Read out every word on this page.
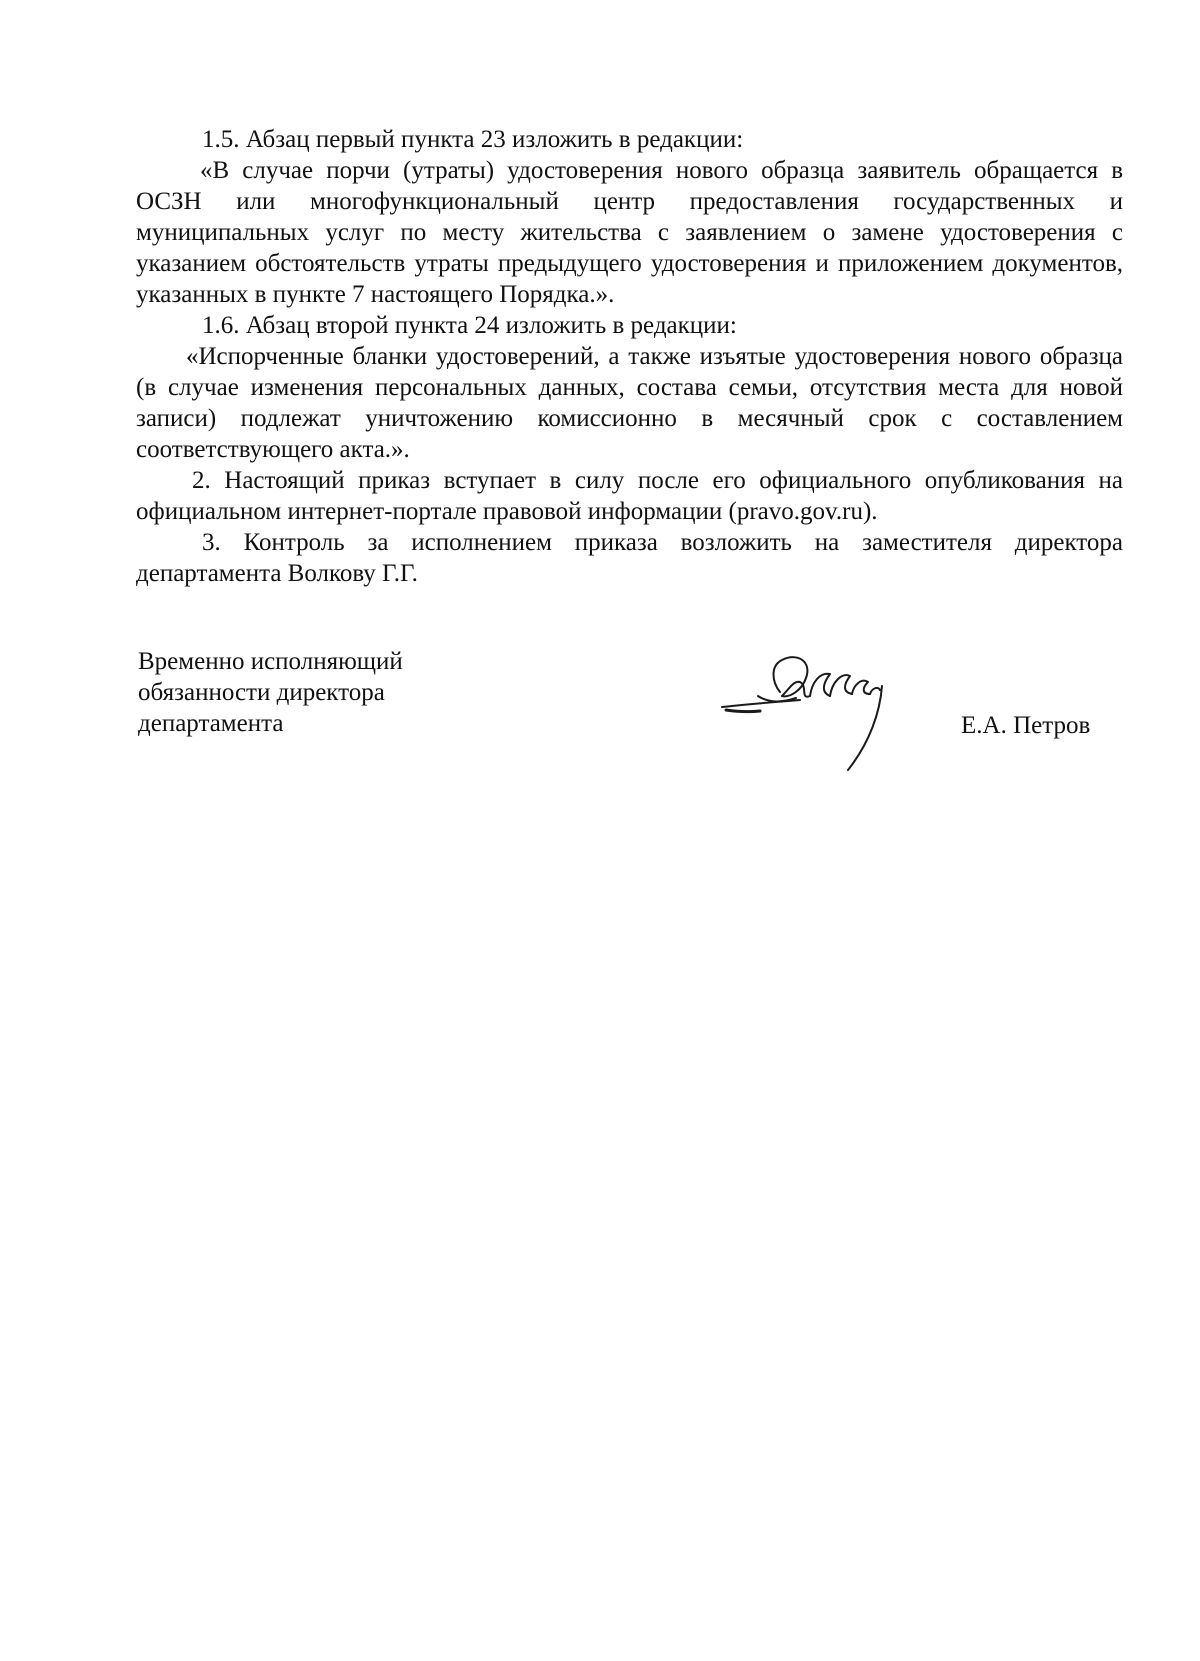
1.5. Абзац первый пункта 23 изложить в редакции:

«В случае порчи (утраты) удостоверения нового образца заявитель обращается в ОСЗН или многофункциональный центр предоставления государственных и муниципальных услуг по месту жительства с заявлением о замене удостоверения с указанием обстоятельств утраты предыдущего удостоверения и приложением документов, указанных в пункте 7 настоящего Порядка.».

1.6. Абзац второй пункта 24 изложить в редакции:

«Испорченные бланки удостоверений, а также изъятые удостоверения нового образца (в случае изменения персональных данных, состава семьи, отсутствия места для новой записи) подлежат уничтожению комиссионно в месячный срок с составлением соответствующего акта.».

2. Настоящий приказ вступает в силу после его официального опубликования на официальном интернет-портале правовой информации (pravo.gov.ru).

3. Контроль за исполнением приказа возложить на заместителя директора департамента Волкову Г.Г.

Временно исполняющий
обязанности директора
департамента	Е.А. Петров
